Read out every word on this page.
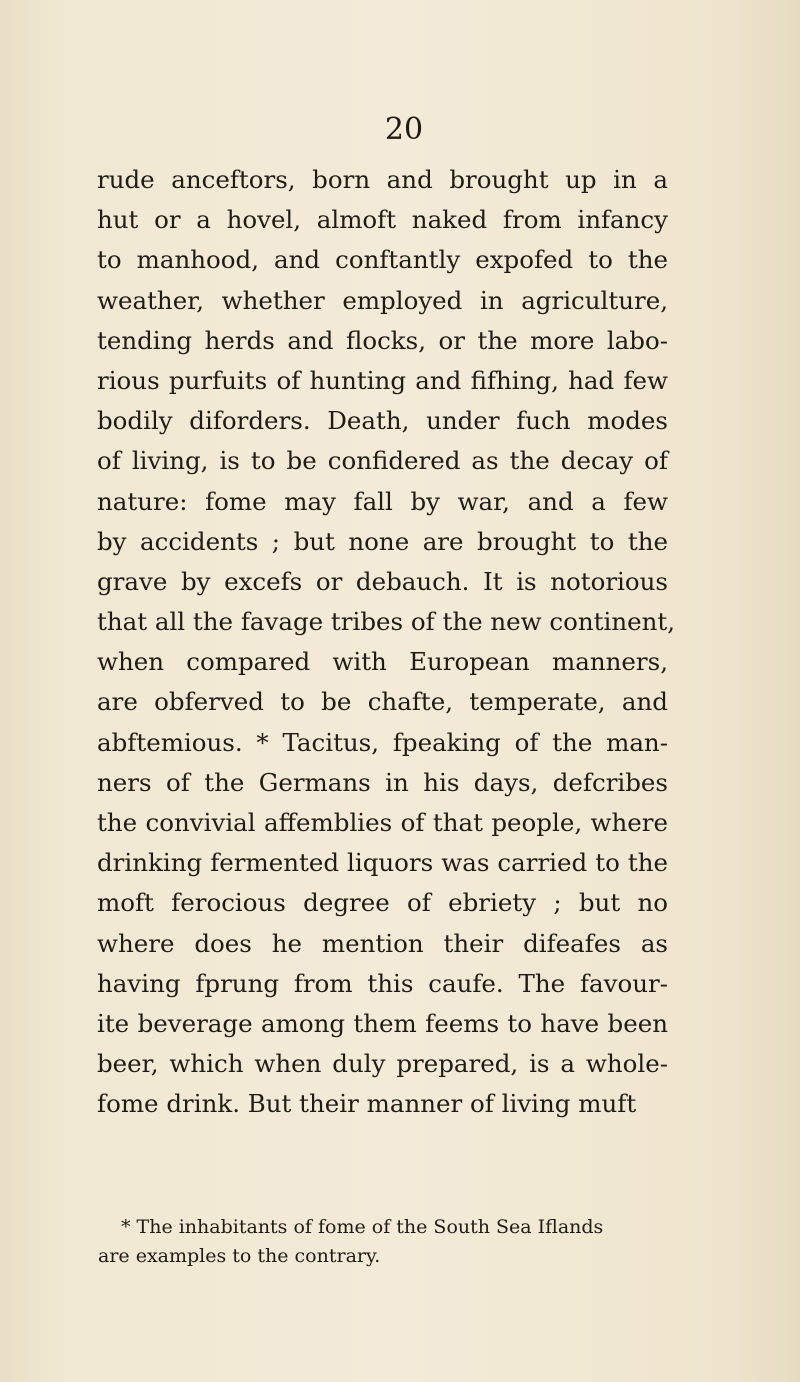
20
rude anceftors, born and brought up in a
hut or a hovel, almoft naked from infancy
to manhood, and conftantly expofed to the
weather, whether employed in agriculture,
tending herds and flocks, or the more labo-
rious purfuits of hunting and fifhing, had few
bodily diforders. Death, under fuch modes
of living, is to be confidered as the decay of
nature: fome may fall by war, and a few
by accidents ; but none are brought to the
grave by excefs or debauch. It is notorious
that all the favage tribes of the new continent,
when compared with European manners,
are obferved to be chafte, temperate, and
abftemious. * Tacitus, fpeaking of the man-
ners of the Germans in his days, defcribes
the convivial affemblies of that people, where
drinking fermented liquors was carried to the
moft ferocious degree of ebriety ; but no
where does he mention their difeafes as
having fprung from this caufe. The favour-
ite beverage among them feems to have been
beer, which when duly prepared, is a whole-
fome drink. But their manner of living muft
* The inhabitants of fome of the South Sea Iflands
are examples to the contrary.
